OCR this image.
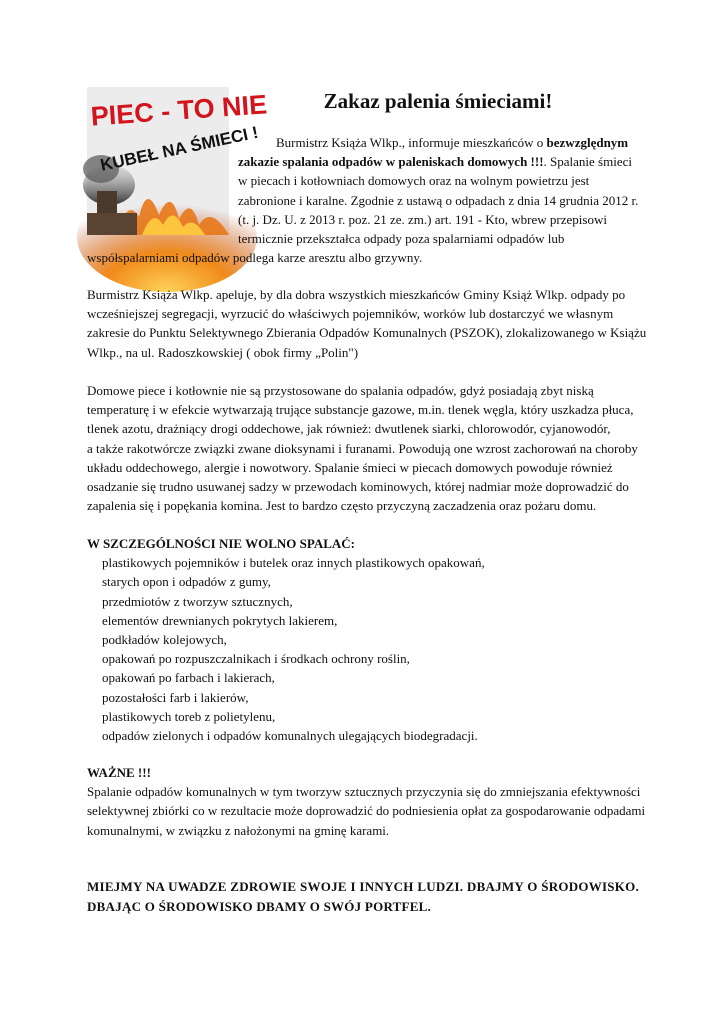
PIEC - TO NIE
KUBEŁ NA ŚMIECI !
Zakaz palenia śmieciami!
Burmistrz Książa Wlkp., informuje mieszkańców o bezwzględnym
zakazie spalania odpadów w paleniskach domowych !!!. Spalanie śmieci
w piecach i kotłowniach domowych oraz na wolnym powietrzu jest
zabronione i karalne. Zgodnie z ustawą o odpadach z dnia 14 grudnia 2012 r.
(t. j. Dz. U. z 2013 r. poz. 21 ze. zm.) art. 191 - Kto, wbrew przepisowi
termicznie przekształca odpady poza spalarniami odpadów lub
współspalarniami odpadów podlega karze aresztu albo grzywny.
Burmistrz Książa Wlkp. apeluje, by dla dobra wszystkich mieszkańców Gminy Książ Wlkp. odpady po
wcześniejszej segregacji, wyrzucić do właściwych pojemników, worków lub dostarczyć we własnym
zakresie do Punktu Selektywnego Zbierania Odpadów Komunalnych (PSZOK), zlokalizowanego w Książu
Wlkp., na ul. Radoszkowskiej ( obok firmy „Polin")
Domowe piece i kotłownie nie są przystosowane do spalania odpadów, gdyż posiadają zbyt niską
temperaturę i w efekcie wytwarzają trujące substancje gazowe, m.in. tlenek węgla, który uszkadza płuca,
tlenek azotu, drażniący drogi oddechowe, jak również: dwutlenek siarki, chlorowodór, cyjanowodór,
a także rakotwórcze związki zwane dioksynami i furanami. Powodują one wzrost zachorowań na choroby
układu oddechowego, alergie i nowotwory. Spalanie śmieci w piecach domowych powoduje również
osadzanie się trudno usuwanej sadzy w przewodach kominowych, której nadmiar może doprowadzić do
zapalenia się i popękania komina. Jest to bardzo często przyczyną zaczadzenia oraz pożaru domu.
W SZCZEGÓLNOŚCI NIE WOLNO SPALAĆ:
plastikowych pojemników i butelek oraz innych plastikowych opakowań,
starych opon i odpadów z gumy,
przedmiotów z tworzyw sztucznych,
elementów drewnianych pokrytych lakierem,
podkładów kolejowych,
opakowań po rozpuszczalnikach i środkach ochrony roślin,
opakowań po farbach i lakierach,
pozostałości farb i lakierów,
plastikowych toreb z polietylenu,
odpadów zielonych i odpadów komunalnych ulegających biodegradacji.
WAŻNE !!!
Spalanie odpadów komunalnych w tym tworzyw sztucznych przyczynia się do zmniejszania efektywności
selektywnej zbiórki co w rezultacie może doprowadzić do podniesienia opłat za gospodarowanie odpadami
komunalnymi, w związku z nałożonymi na gminę karami.
MIEJMY NA UWADZE ZDROWIE SWOJE I INNYCH LUDZI. DBAJMY O ŚRODOWISKO.
DBAJĄC O ŚRODOWISKO DBAMY O SWÓJ PORTFEL.
